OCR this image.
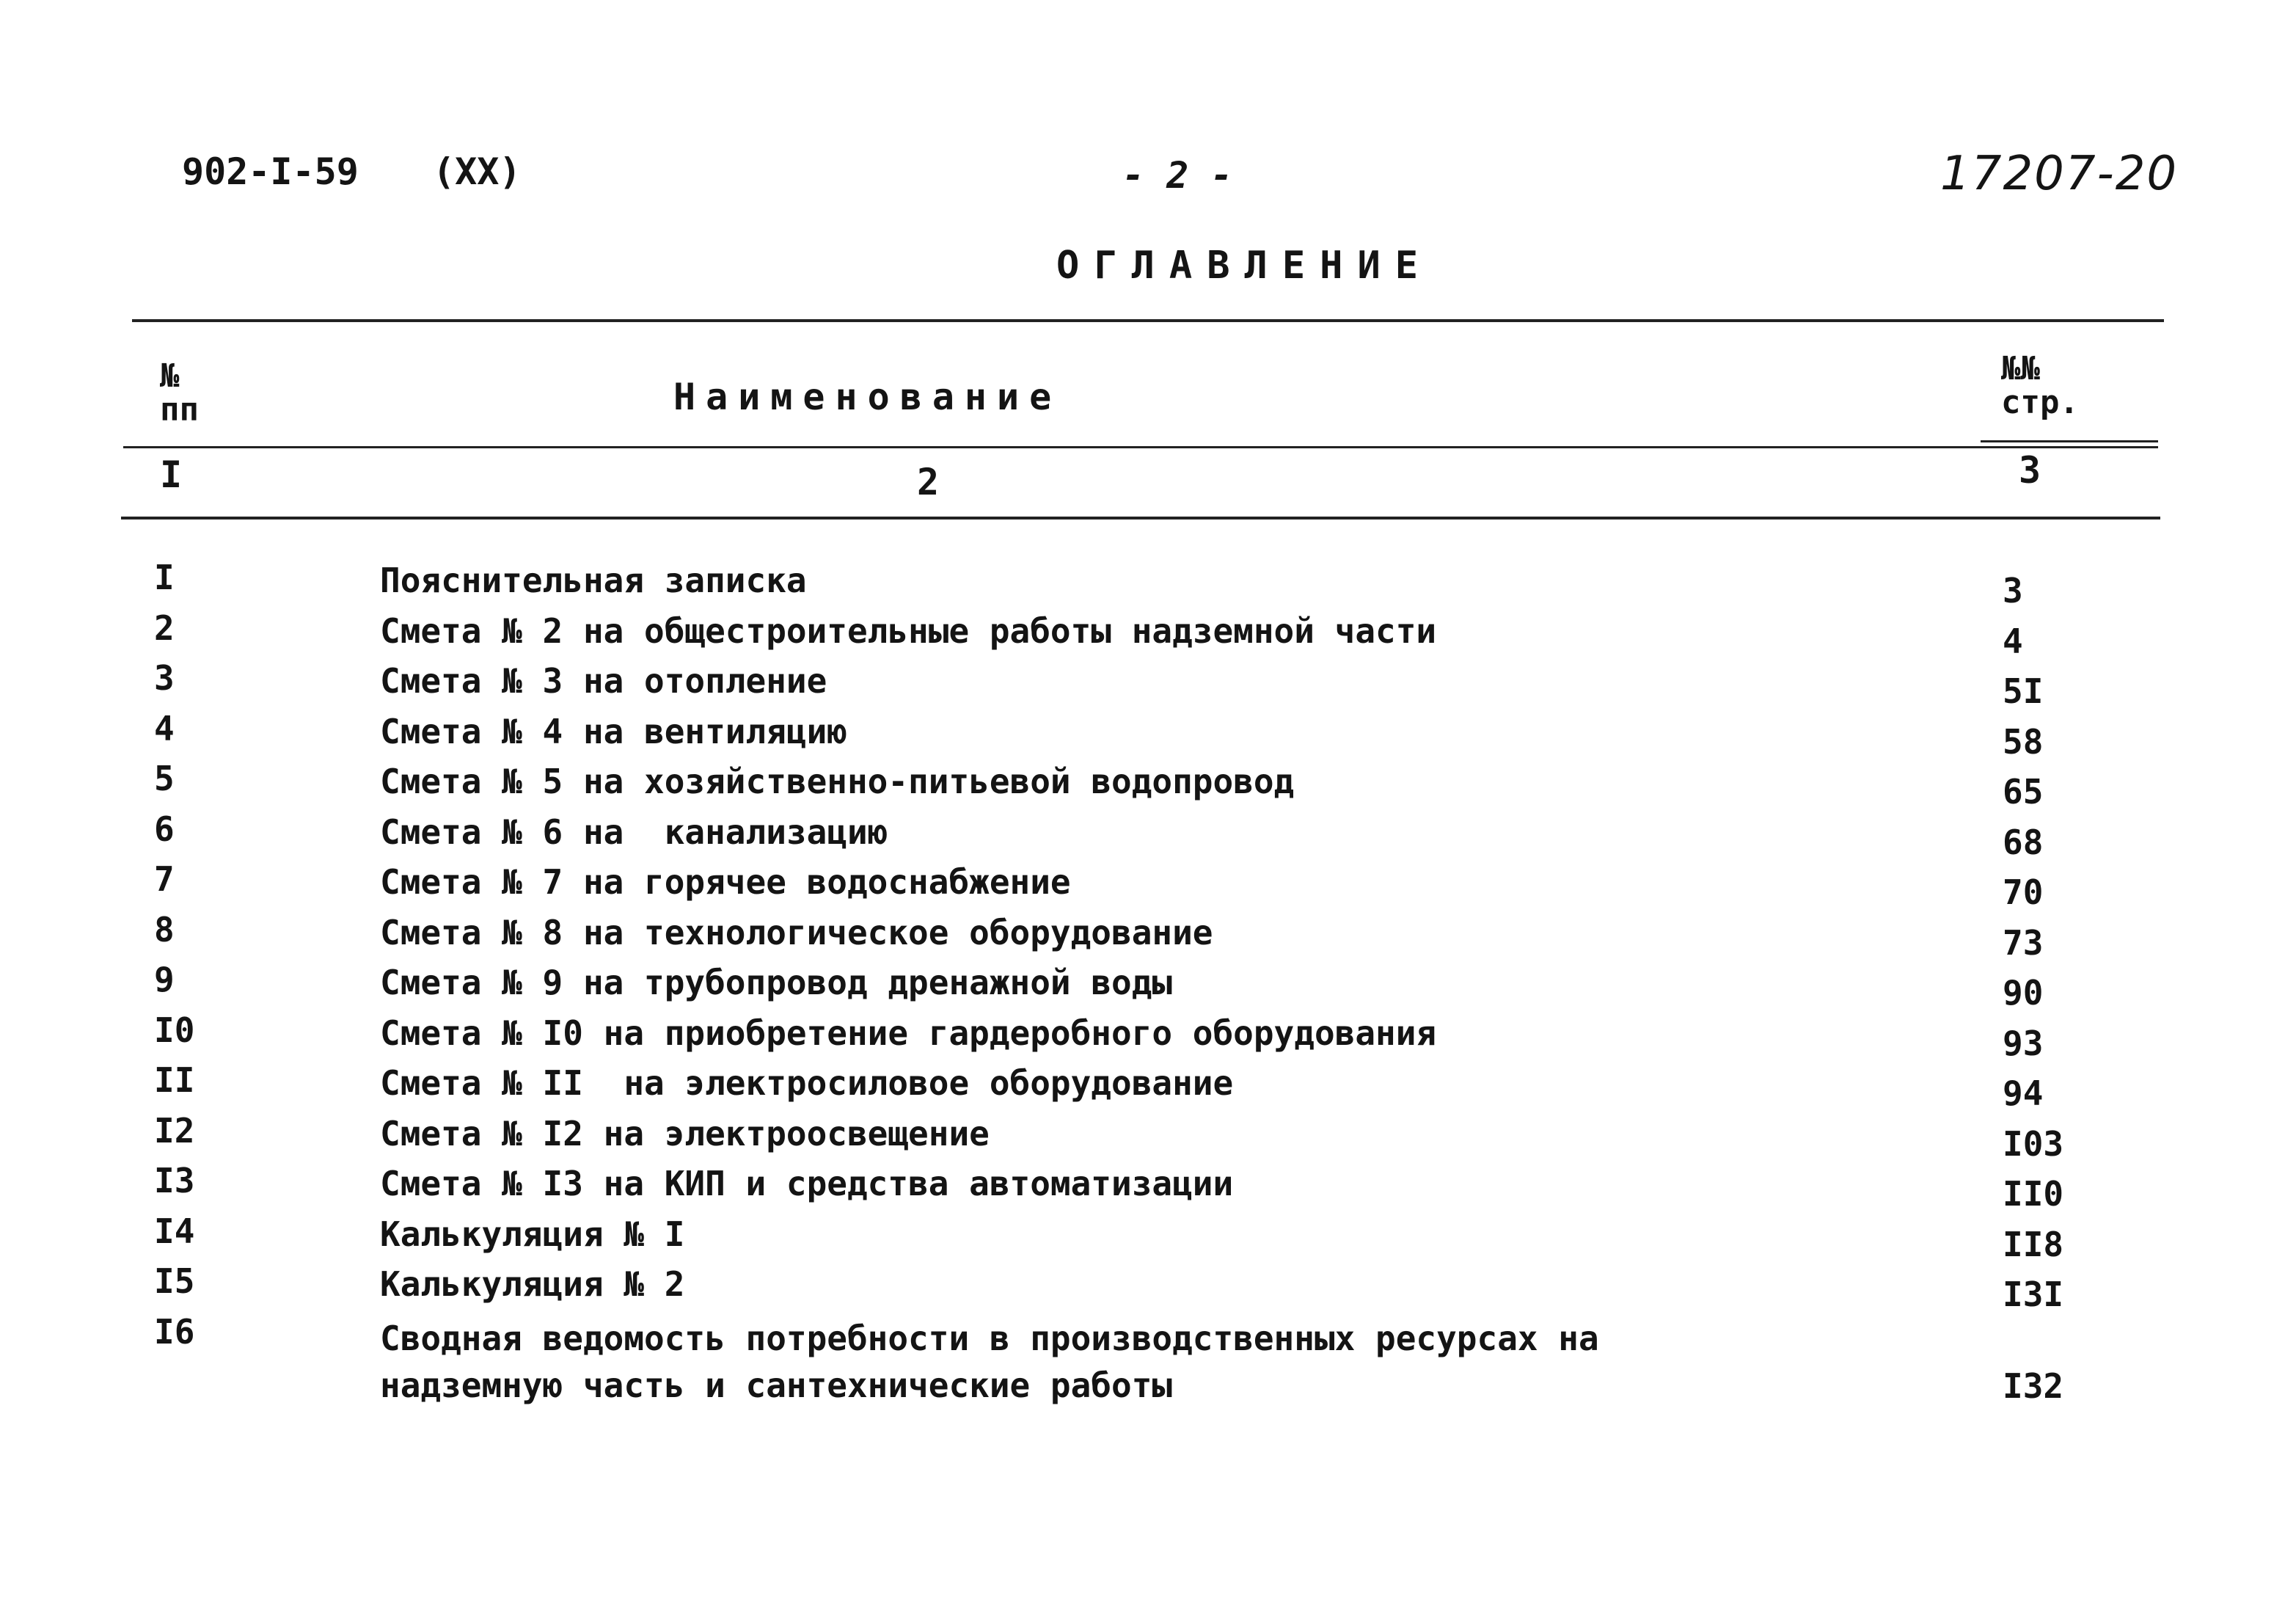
902-I-59 (XX)	- 2 -	17207-20
ОГЛАВЛЕНИЕ
№
пп	Наименование
№№
стр.
I	2	3
I	Пояснительная записка	3
2	Смета № 2 на общестроительные работы надземной части	4
3	Смета № 3 на отопление	5I
4	Смета № 4 на вентиляцию	58
5	Смета № 5 на хозяйственно-питьевой водопровод	65
6	Смета № 6 на  канализацию	68
7	Смета № 7 на горячее водоснабжение	70
8	Смета № 8 на технологическое оборудование	73
9	Смета № 9 на трубопровод дренажной воды	90
I0	Смета № I0 на приобретение гардеробного оборудования	93
II	Смета № II  на электросиловое оборудование	94
I2	Смета № I2 на электроосвещение	I03
I3	Смета № I3 на КИП и средства автоматизации	II0
I4	Калькуляция № I	II8
I5	Калькуляция № 2	I3I
I6	Сводная ведомость потребности в производственных ресурсах на
надземную часть и сантехнические работы	I32
